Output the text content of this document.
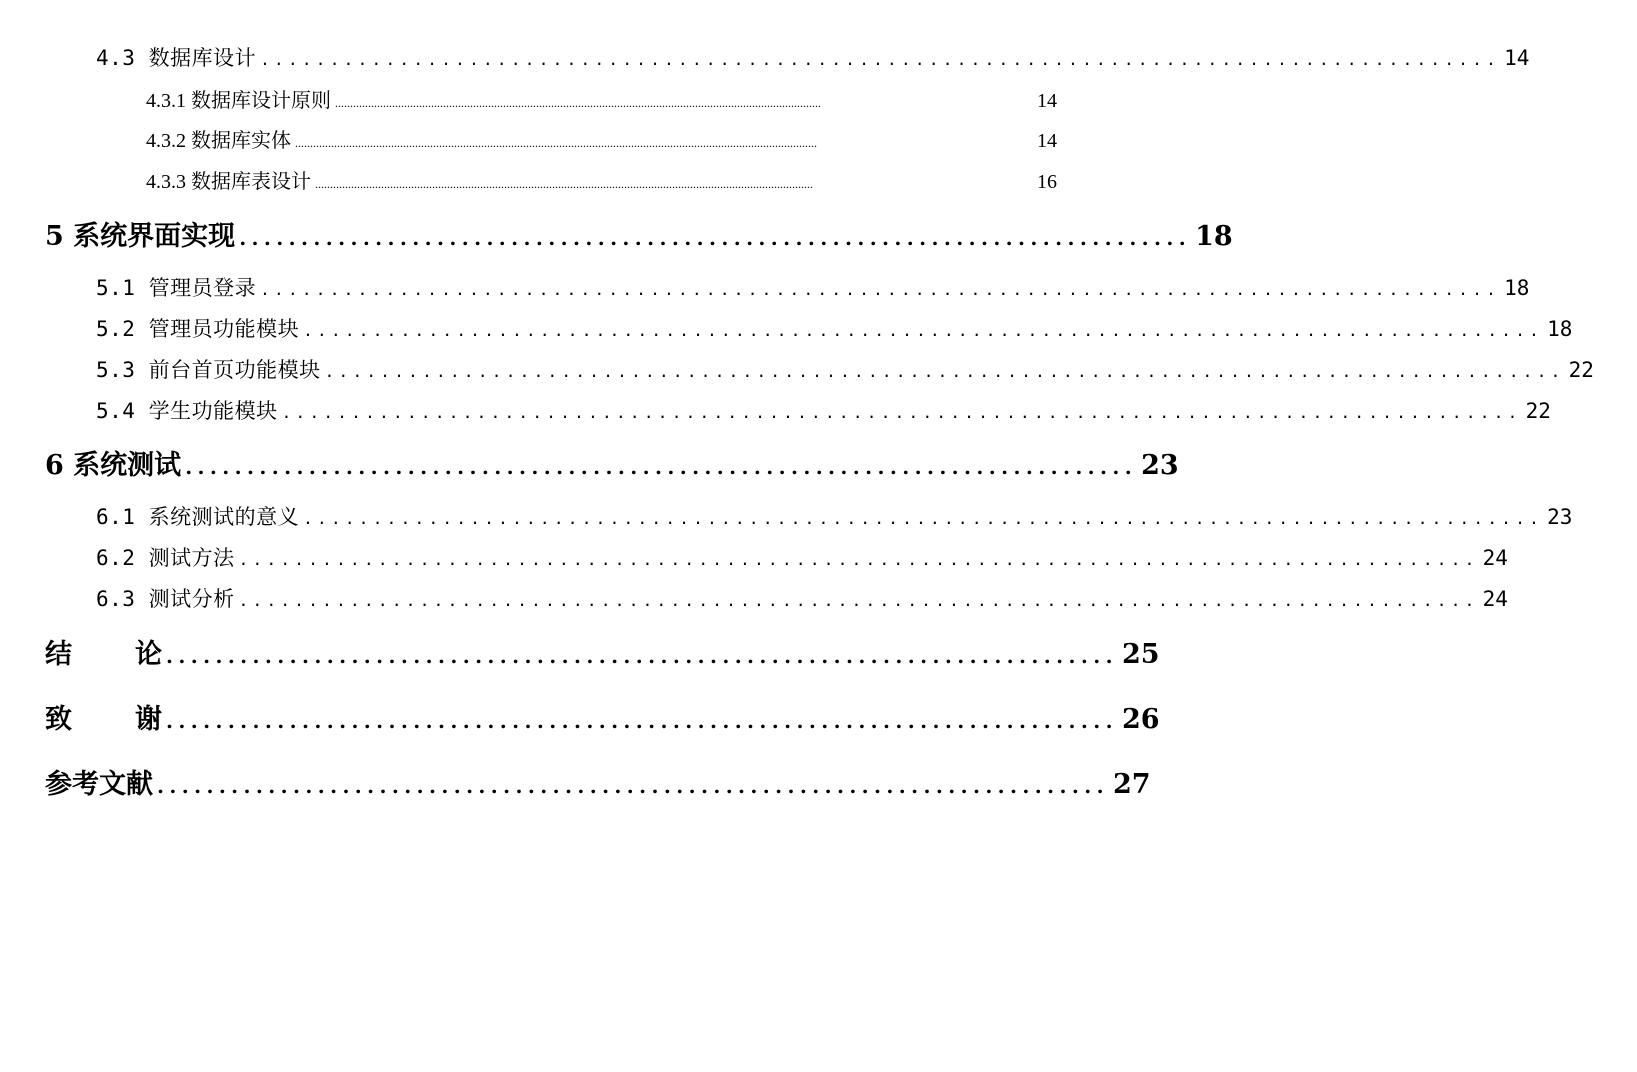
4.3 数据库设计 ......................................................................................... 14
4.3.1 数据库设计原则 ..................................................................................................................................................................	14
4.3.2 数据库实体 ..............................................................................................................................................................................	14
4.3.3 数据库表设计 ......................................................................................................................................................................	16
5 系统界面实现 ............................................................................. 18
5.1 管理员登录 ......................................................................................... 18
5.2 管理员功能模块 ......................................................................................... 18
5.3 前台首页功能模块 ......................................................................................... 22
5.4 学生功能模块 ......................................................................................... 22
6 系统测试 ............................................................................. 23
6.1 系统测试的意义 ......................................................................................... 23
6.2 测试方法 ......................................................................................... 24
6.3 测试分析 ......................................................................................... 24
结	论 ............................................................................. 25
致	谢 ............................................................................. 26
参考文献 ............................................................................. 27
